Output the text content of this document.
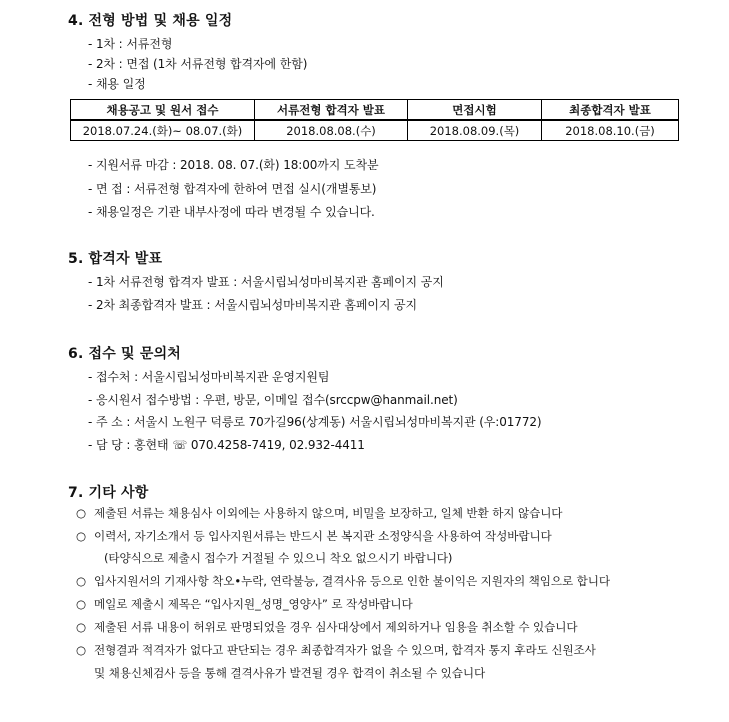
4. 전형 방법 및 채용 일정
- 1차 : 서류전형
- 2차 : 면접 (1차 서류전형 합격자에 한함)
- 채용 일정
채용공고 및 원서 접수	서류전형 합격자 발표	면접시험	최종합격자 발표
2018.07.24.(화)~ 08.07.(화)	2018.08.08.(수)	2018.08.09.(목)	2018.08.10.(금)
- 지원서류 마감 : 2018. 08. 07.(화) 18:00까지 도착분
- 면 접 : 서류전형 합격자에 한하여 면접 실시(개별통보)
- 채용일정은 기관 내부사정에 따라 변경될 수 있습니다.
5. 합격자 발표
- 1차 서류전형 합격자 발표 : 서울시립뇌성마비복지관 홈페이지 공지
- 2차 최종합격자 발표 : 서울시립뇌성마비복지관 홈페이지 공지
6. 접수 및 문의처
- 접수처 : 서울시립뇌성마비복지관 운영지원팀
- 응시원서 접수방법 : 우편, 방문, 이메일 접수(srccpw@hanmail.net)
- 주 소 : 서울시 노원구 덕릉로 70가길96(상계동) 서울시립뇌성마비복지관 (우:01772)
- 담 당 : 홍현태 ☏ 070.4258-7419, 02.932-4411
7. 기타 사항
○ 제출된 서류는 채용심사 이외에는 사용하지 않으며, 비밀을 보장하고, 일체 반환 하지 않습니다
○ 이력서, 자기소개서 등 입사지원서류는 반드시 본 복지관 소정양식을 사용하여 작성바랍니다
(타양식으로 제출시 접수가 거절될 수 있으니 착오 없으시기 바랍니다)
○ 입사지원서의 기재사항 착오•누락, 연락불능, 결격사유 등으로 인한 불이익은 지원자의 책임으로 합니다
○ 메일로 제출시 제목은 “입사지원_성명_영양사” 로 작성바랍니다
○ 제출된 서류 내용이 허위로 판명되었을 경우 심사대상에서 제외하거나 임용을 취소할 수 있습니다
○ 전형결과 적격자가 없다고 판단되는 경우 최종합격자가 없을 수 있으며, 합격자 통지 후라도 신원조사
및 채용신체검사 등을 통해 결격사유가 발견될 경우 합격이 취소될 수 있습니다
